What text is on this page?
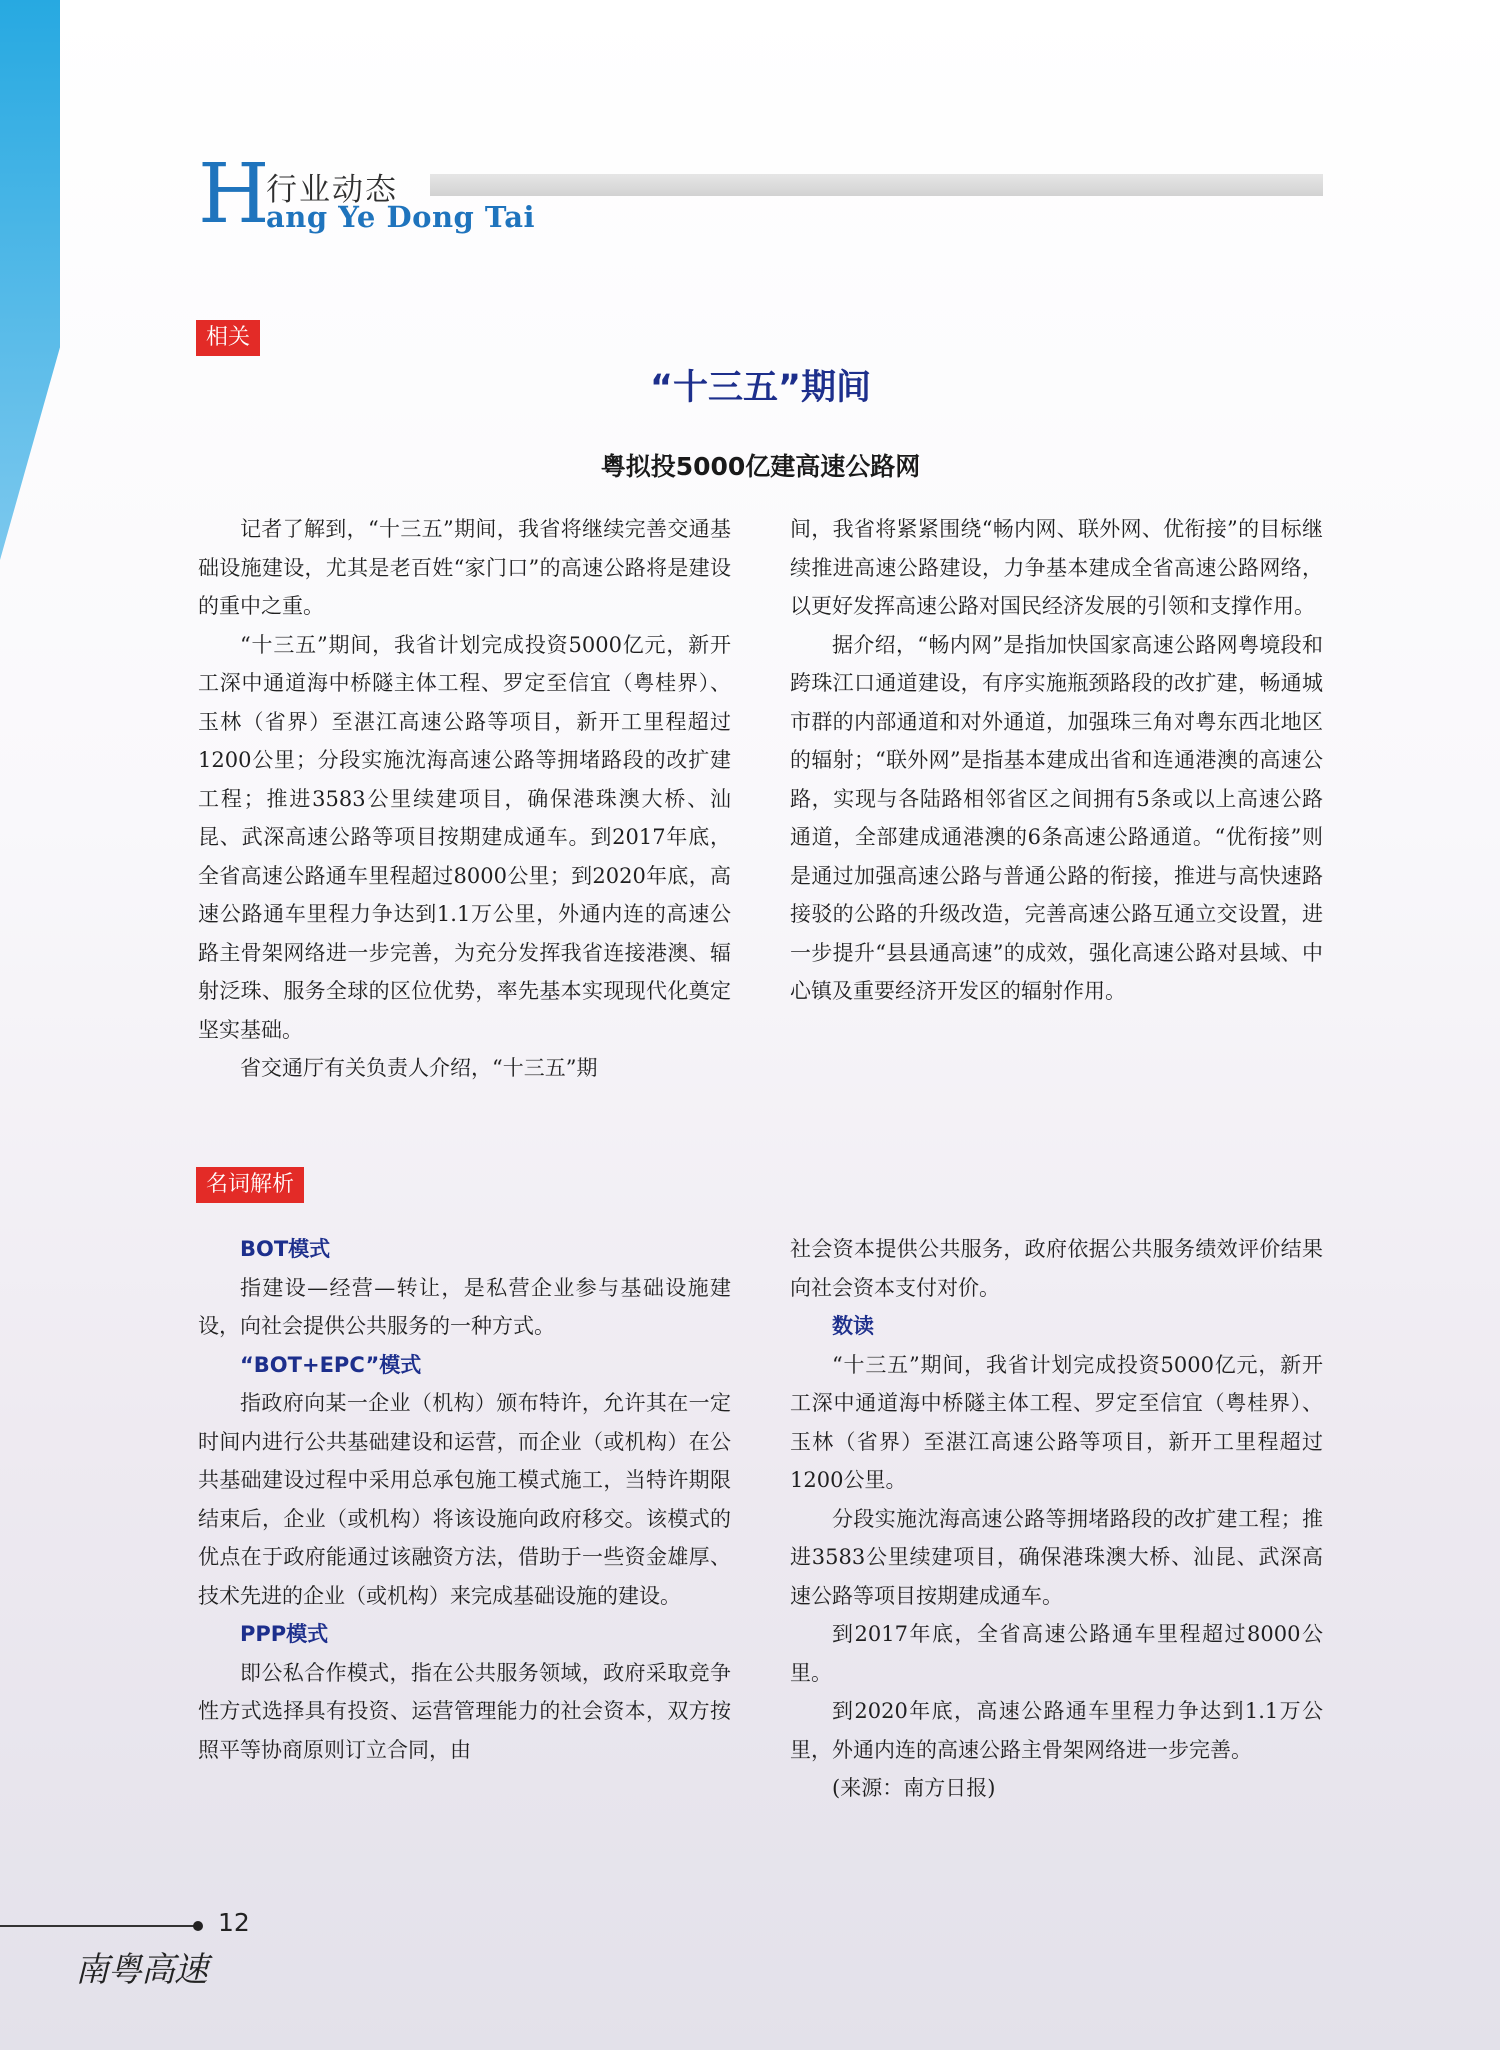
H
行业动态
ang Ye Dong Tai
相关
“十三五”期间
粤拟投5000亿建高速公路网

记者了解到，“十三五”期间，我省将继续完善交通基础设施建设，尤其是老百姓“家门口”的高速公路将是建设的重中之重。

“十三五”期间，我省计划完成投资5000亿元，新开工深中通道海中桥隧主体工程、罗定至信宜（粤桂界）、玉林（省界）至湛江高速公路等项目，新开工里程超过1200公里；分段实施沈海高速公路等拥堵路段的改扩建工程；推进3583公里续建项目，确保港珠澳大桥、汕昆、武深高速公路等项目按期建成通车。到2017年底，全省高速公路通车里程超过8000公里；到2020年底，高速公路通车里程力争达到1.1万公里，外通内连的高速公路主骨架网络进一步完善，为充分发挥我省连接港澳、辐射泛珠、服务全球的区位优势，率先基本实现现代化奠定坚实基础。

省交通厅有关负责人介绍，“十三五”期

间，我省将紧紧围绕“畅内网、联外网、优衔接”的目标继续推进高速公路建设，力争基本建成全省高速公路网络，以更好发挥高速公路对国民经济发展的引领和支撑作用。

据介绍，“畅内网”是指加快国家高速公路网粤境段和跨珠江口通道建设，有序实施瓶颈路段的改扩建，畅通城市群的内部通道和对外通道，加强珠三角对粤东西北地区的辐射；“联外网”是指基本建成出省和连通港澳的高速公路，实现与各陆路相邻省区之间拥有5条或以上高速公路通道，全部建成通港澳的6条高速公路通道。“优衔接”则是通过加强高速公路与普通公路的衔接，推进与高快速路接驳的公路的升级改造，完善高速公路互通立交设置，进一步提升“县县通高速”的成效，强化高速公路对县域、中心镇及重要经济开发区的辐射作用。

名词解析

BOT模式

指建设—经营—转让，是私营企业参与基础设施建设，向社会提供公共服务的一种方式。

“BOT+EPC”模式

指政府向某一企业（机构）颁布特许，允许其在一定时间内进行公共基础建设和运营，而企业（或机构）在公共基础建设过程中采用总承包施工模式施工，当特许期限结束后，企业（或机构）将该设施向政府移交。该模式的优点在于政府能通过该融资方法，借助于一些资金雄厚、技术先进的企业（或机构）来完成基础设施的建设。

PPP模式

即公私合作模式，指在公共服务领域，政府采取竞争性方式选择具有投资、运营管理能力的社会资本，双方按照平等协商原则订立合同，由

社会资本提供公共服务，政府依据公共服务绩效评价结果向社会资本支付对价。

数读

“十三五”期间，我省计划完成投资5000亿元，新开工深中通道海中桥隧主体工程、罗定至信宜（粤桂界）、玉林（省界）至湛江高速公路等项目，新开工里程超过1200公里。

分段实施沈海高速公路等拥堵路段的改扩建工程；推进3583公里续建项目，确保港珠澳大桥、汕昆、武深高速公路等项目按期建成通车。

到2017年底，全省高速公路通车里程超过8000公里。

到2020年底，高速公路通车里程力争达到1.1万公里，外通内连的高速公路主骨架网络进一步完善。

(来源：南方日报)

12
南粤高速
